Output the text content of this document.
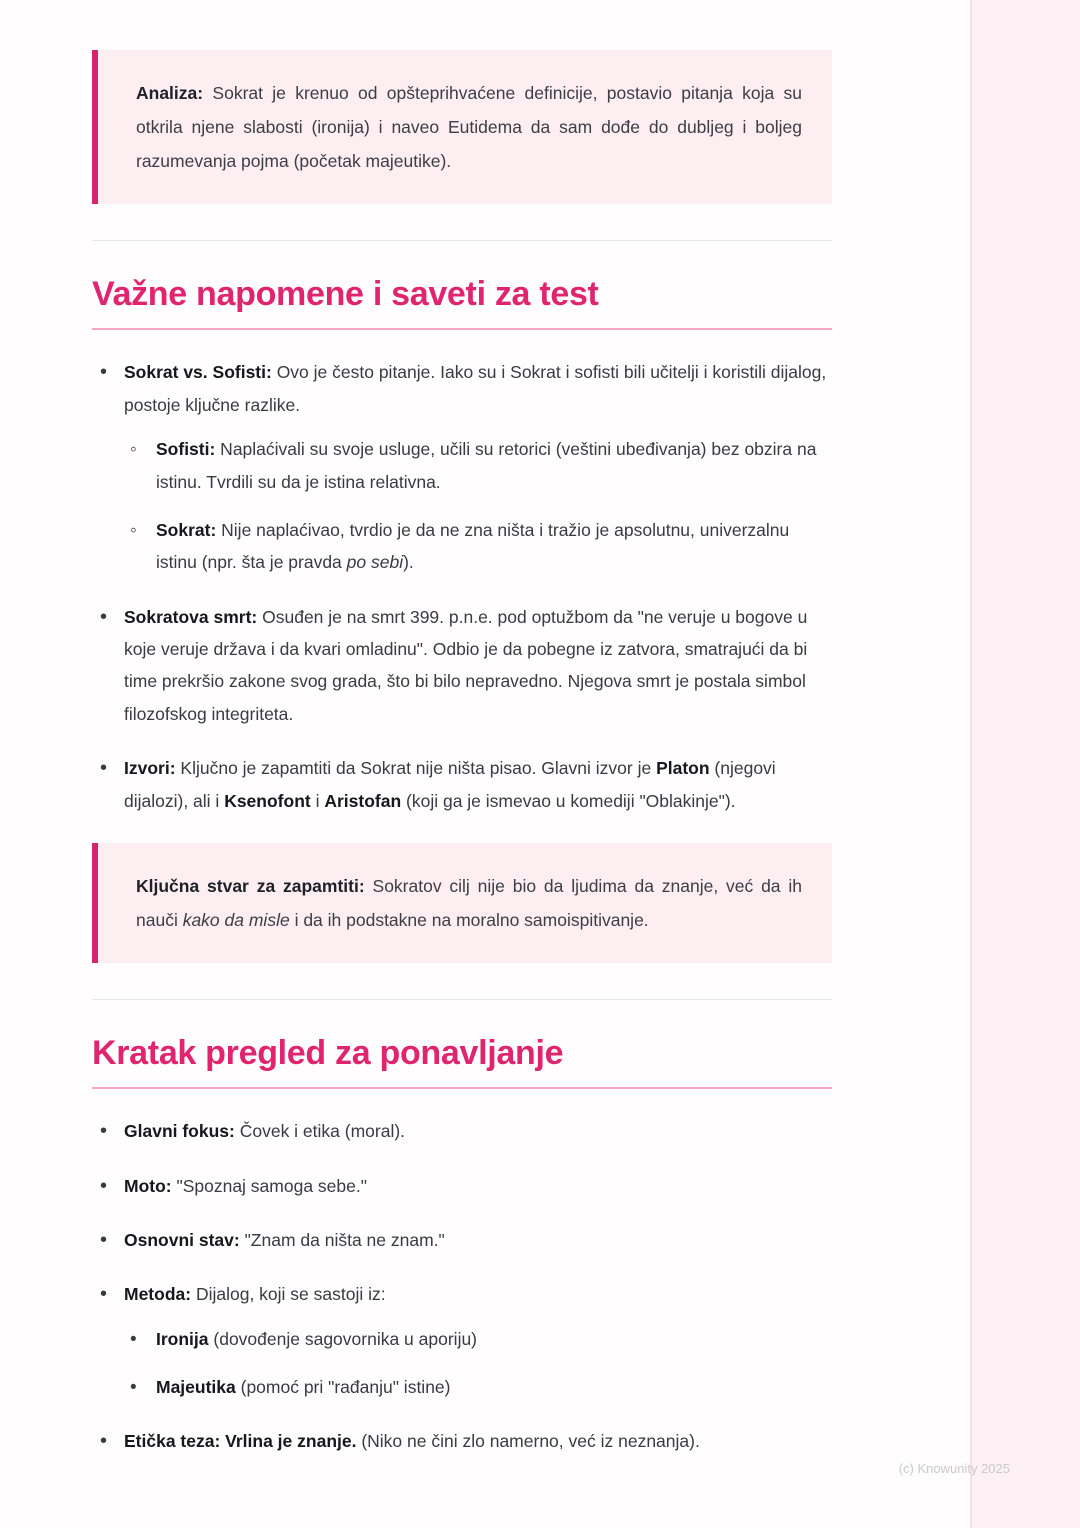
Analiza: Sokrat je krenuo od opšteprihvaćene definicije, postavio pitanja koja su otkrila njene slabosti (ironija) i naveo Eutidema da sam dođe do dubljeg i boljeg razumevanja pojma (početak majeutike).
Važne napomene i saveti za test
• Sokrat vs. Sofisti: Ovo je često pitanje. Iako su i Sokrat i sofisti bili učitelji i koristili dijalog, postoje ključne razlike.
◦ Sofisti: Naplaćivali su svoje usluge, učili su retorici (veštini ubeđivanja) bez obzira na istinu. Tvrdili su da je istina relativna.
◦ Sokrat: Nije naplaćivao, tvrdio je da ne zna ništa i tražio je apsolutnu, univerzalnu istinu (npr. šta je pravda po sebi).
• Sokratova smrt: Osuđen je na smrt 399. p.n.e. pod optužbom da "ne veruje u bogove u koje veruje država i da kvari omladinu". Odbio je da pobegne iz zatvora, smatrajući da bi time prekršio zakone svog grada, što bi bilo nepravedno. Njegova smrt je postala simbol filozofskog integriteta.
• Izvori: Ključno je zapamtiti da Sokrat nije ništa pisao. Glavni izvor je Platon (njegovi dijalozi), ali i Ksenofont i Aristofan (koji ga je ismevao u komediji "Oblakinje").
Ključna stvar za zapamtiti: Sokratov cilj nije bio da ljudima da znanje, već da ih nauči kako da misle i da ih podstakne na moralno samoispitivanje.
Kratak pregled za ponavljanje
• Glavni fokus: Čovek i etika (moral).
• Moto: "Spoznaj samoga sebe."
• Osnovni stav: "Znam da ništa ne znam."
• Metoda: Dijalog, koji se sastoji iz:
• Ironija (dovođenje sagovornika u aporiju)
• Majeutika (pomoć pri "rađanju" istine)
• Etička teza: Vrlina je znanje. (Niko ne čini zlo namerno, već iz neznanja).
(c) Knowunity 2025
